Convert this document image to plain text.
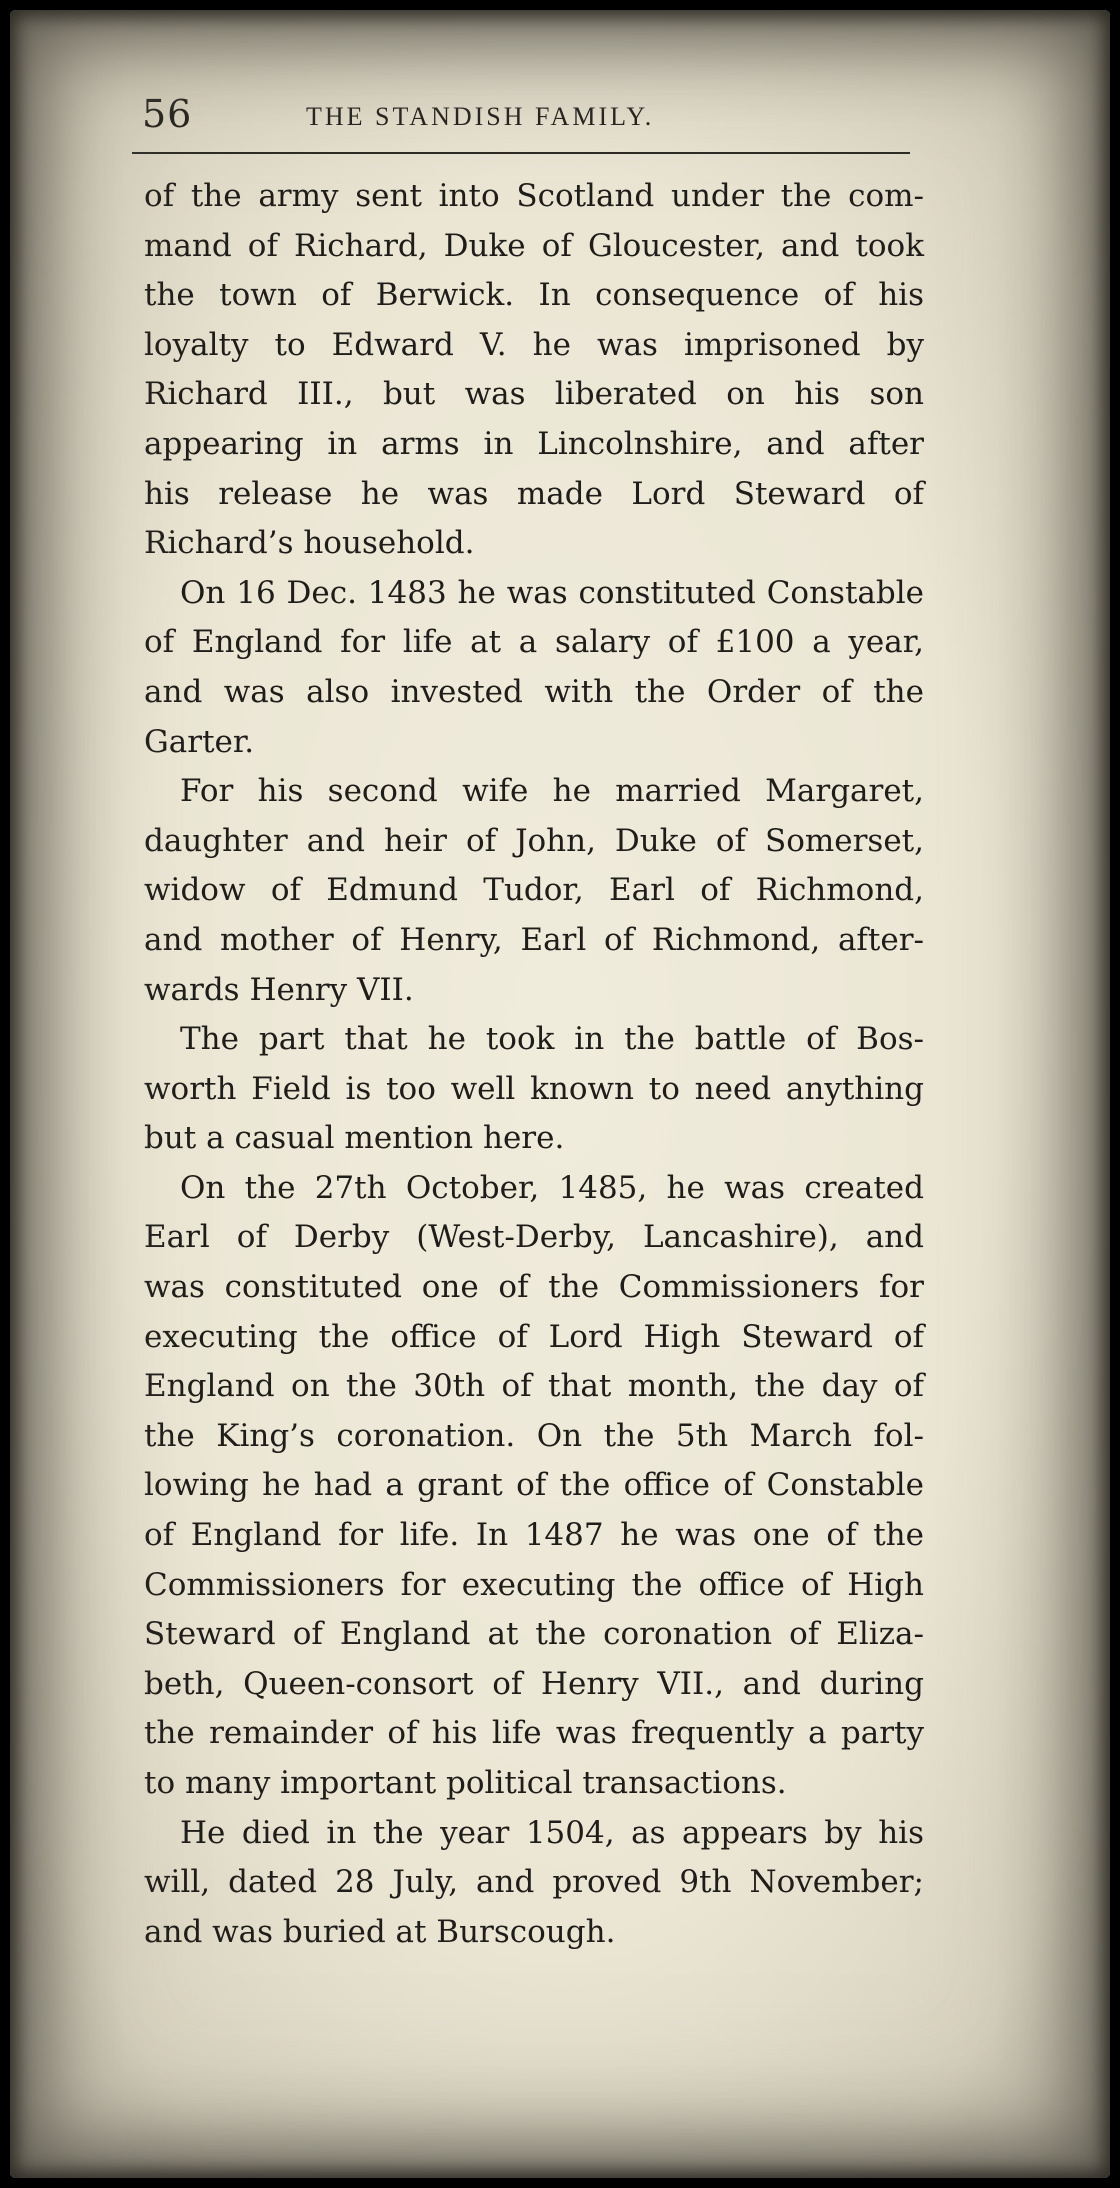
56	THE STANDISH FAMILY.
of the army sent into Scotland under the com-
mand of Richard, Duke of Gloucester, and took
the town of Berwick. In consequence of his
loyalty to Edward V. he was imprisoned by
Richard III., but was liberated on his son
appearing in arms in Lincolnshire, and after
his release he was made Lord Steward of
Richard’s household.
On 16 Dec. 1483 he was constituted Constable
of England for life at a salary of £100 a year,
and was also invested with the Order of the
Garter.
For his second wife he married Margaret,
daughter and heir of John, Duke of Somerset,
widow of Edmund Tudor, Earl of Richmond,
and mother of Henry, Earl of Richmond, after-
wards Henry VII.
The part that he took in the battle of Bos-
worth Field is too well known to need anything
but a casual mention here.
On the 27th October, 1485, he was created
Earl of Derby (West-Derby, Lancashire), and
was constituted one of the Commissioners for
executing the office of Lord High Steward of
England on the 30th of that month, the day of
the King’s coronation. On the 5th March fol-
lowing he had a grant of the office of Constable
of England for life. In 1487 he was one of the
Commissioners for executing the office of High
Steward of England at the coronation of Eliza-
beth, Queen-consort of Henry VII., and during
the remainder of his life was frequently a party
to many important political transactions.
He died in the year 1504, as appears by his
will, dated 28 July, and proved 9th November;
and was buried at Burscough.
